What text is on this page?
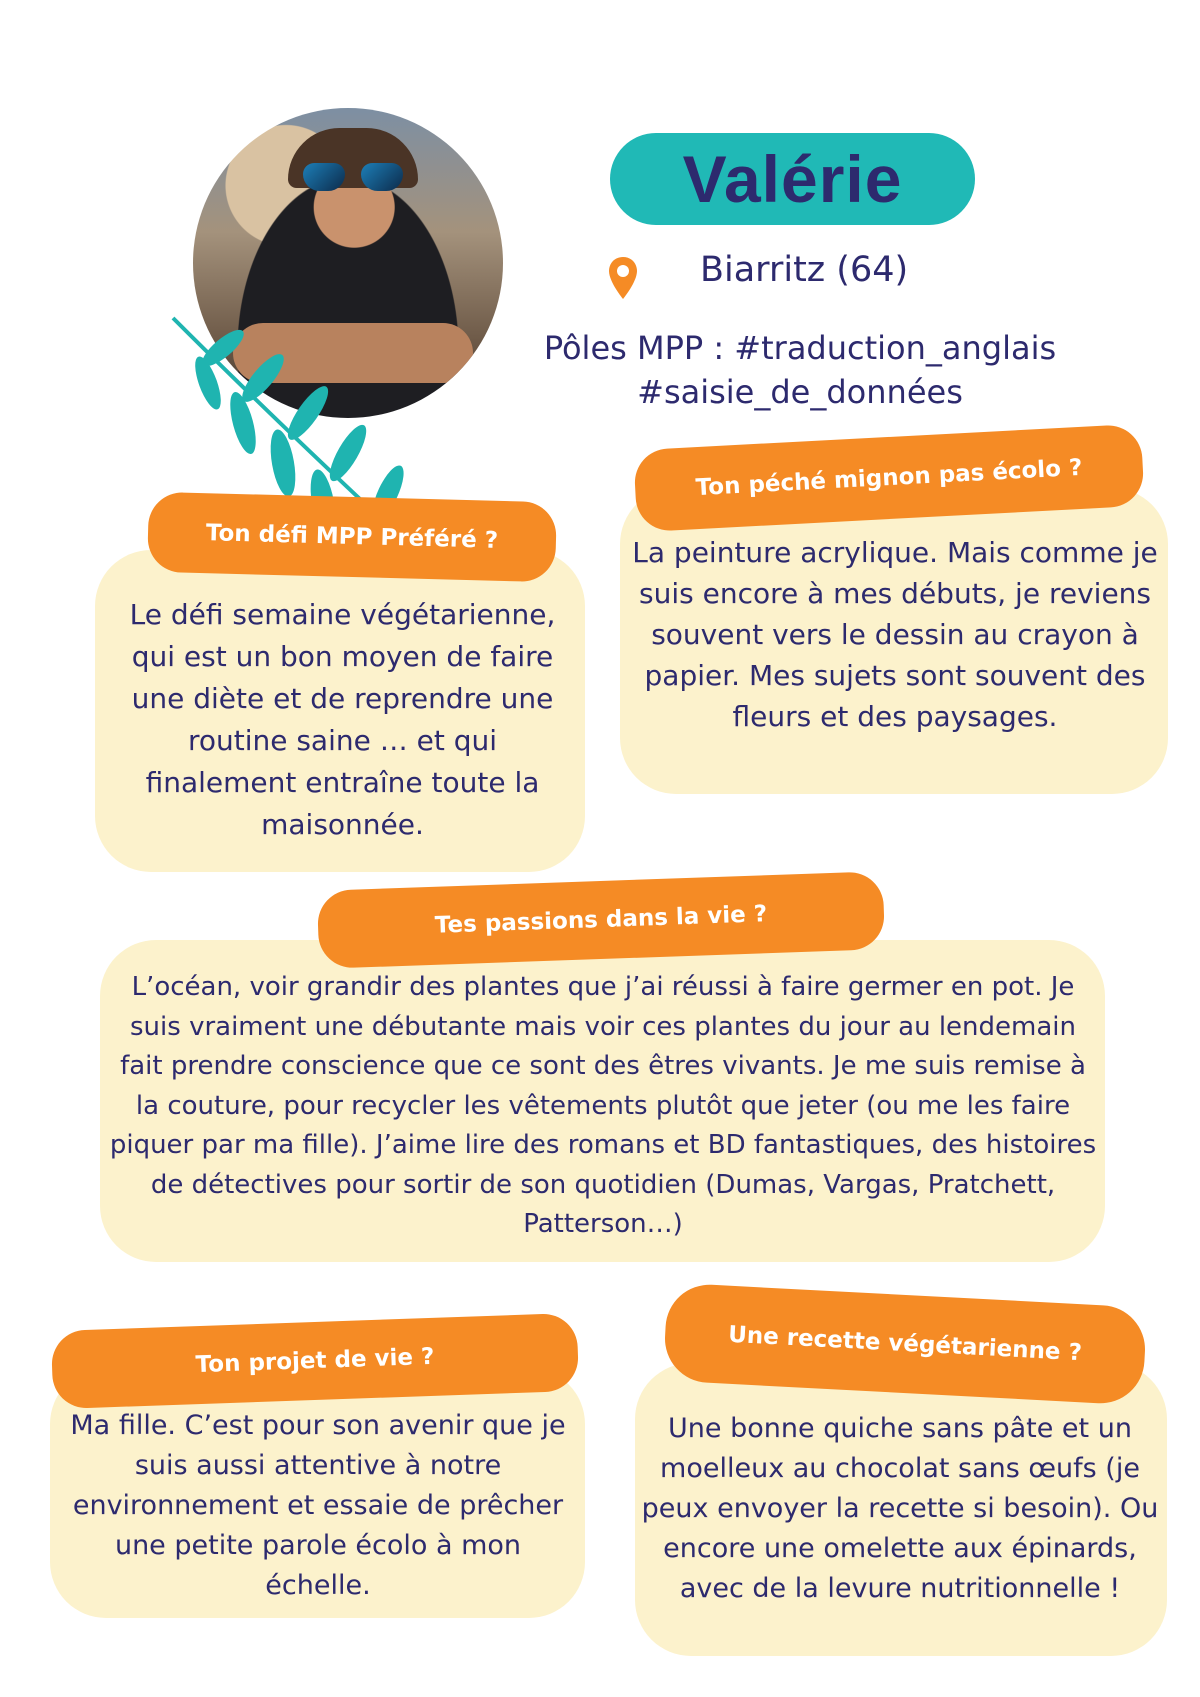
Valérie
Biarritz (64)
Pôles MPP : #traduction_anglais
#saisie_de_données
Ton défi MPP Préféré ?
Le défi semaine végétarienne, qui est un bon moyen de faire une diète et de reprendre une routine saine … et qui finalement entraîne toute la maisonnée.
Ton péché mignon pas écolo ?
La peinture acrylique. Mais comme je suis encore à mes débuts, je reviens souvent vers le dessin au crayon à papier. Mes sujets sont souvent des fleurs et des paysages.
Tes passions dans la vie ?
L’océan, voir grandir des plantes que j’ai réussi à faire germer en pot. Je suis vraiment une débutante mais voir ces plantes du jour au lendemain fait prendre conscience que ce sont des êtres vivants. Je me suis remise à la couture, pour recycler les vêtements plutôt que jeter (ou me les faire piquer par ma fille). J’aime lire des romans et BD fantastiques, des histoires de détectives pour sortir de son quotidien (Dumas, Vargas, Pratchett, Patterson…)
Ton projet de vie ?
Ma fille. C’est pour son avenir que je suis aussi attentive à notre environnement et essaie de prêcher une petite parole écolo à mon échelle.
Une recette végétarienne ?
Une bonne quiche sans pâte et un moelleux au chocolat sans œufs (je peux envoyer la recette si besoin). Ou encore une omelette aux épinards, avec de la levure nutritionnelle !
